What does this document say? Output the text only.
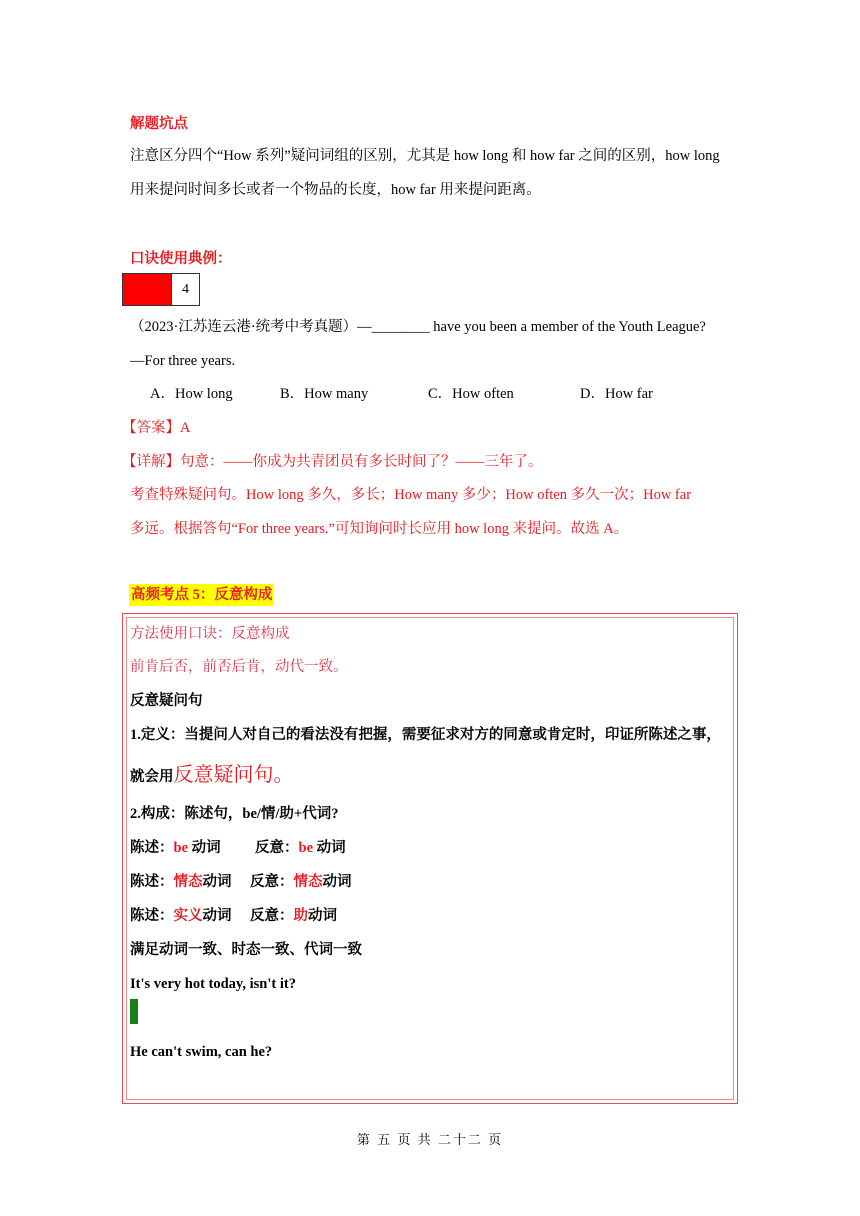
解题坑点
注意区分四个“How 系列”疑问词组的区别，尤其是 how long 和 how far 之间的区别，how long
用来提问时间多长或者一个物品的长度，how far 用来提问距离。
口诀使用典例：
4
（2023·江苏连云港·统考中考真题）—________ have you been a member of the Youth League?
—For three years.
A．How long	B．How many	C．How often	D．How far
【答案】A
【详解】句意：——你成为共青团员有多长时间了？——三年了。
考查特殊疑问句。How long 多久，多长；How many 多少；How often 多久一次；How far
多远。根据答句“For three years.”可知询问时长应用 how long 来提问。故选 A。
高频考点 5：反意构成
方法使用口诀：反意构成
前肯后否，前否后肯，动代一致。
反意疑问句
1.定义：当提问人对自己的看法没有把握，需要征求对方的同意或肯定时，印证所陈述之事，
就会用反意疑问句。
2.构成：陈述句，be/情/助+代词?
陈述：be 动词 反意：be 动词
陈述：情态动词 反意：情态动词
陈述：实义动词 反意：助动词
满足动词一致、时态一致、代词一致
It's very hot today, isn't it?
He can't swim, can he?
第 五 页 共 二十二 页
